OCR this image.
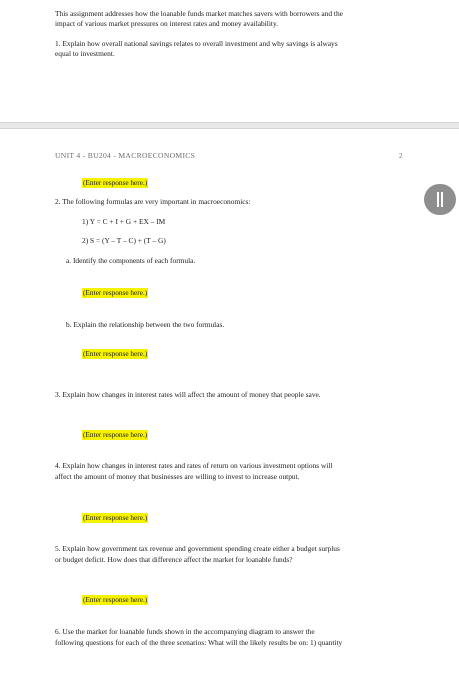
This assignment addresses how the loanable funds market matches savers with borrowers and the
impact of various market pressures on interest rates and money availability.
1. Explain how overall national savings relates to overall investment and why savings is always
equal to investment.
UNIT 4 - BU204 - MACROECONOMICS	2
(Enter response here.)
2. The following formulas are very important in macroeconomics:
1) Y = C + I + G + EX – IM
2) S = (Y – T – C) + (T – G)
a. Identify the components of each formula.
(Enter response here.)
b. Explain the relationship between the two formulas.
(Enter response here.)
3. Explain how changes in interest rates will affect the amount of money that people save.
(Enter response here.)
4. Explain how changes in interest rates and rates of return on various investment options will
affect the amount of money that businesses are willing to invest to increase output.
(Enter response here.)
5. Explain how government tax revenue and government spending create either a budget surplus
or budget deficit. How does that difference affect the market for loanable funds?
(Enter response here.)
6. Use the market for loanable funds shown in the accompanying diagram to answer the
following questions for each of the three scenarios: What will the likely results be on: 1) quantity
